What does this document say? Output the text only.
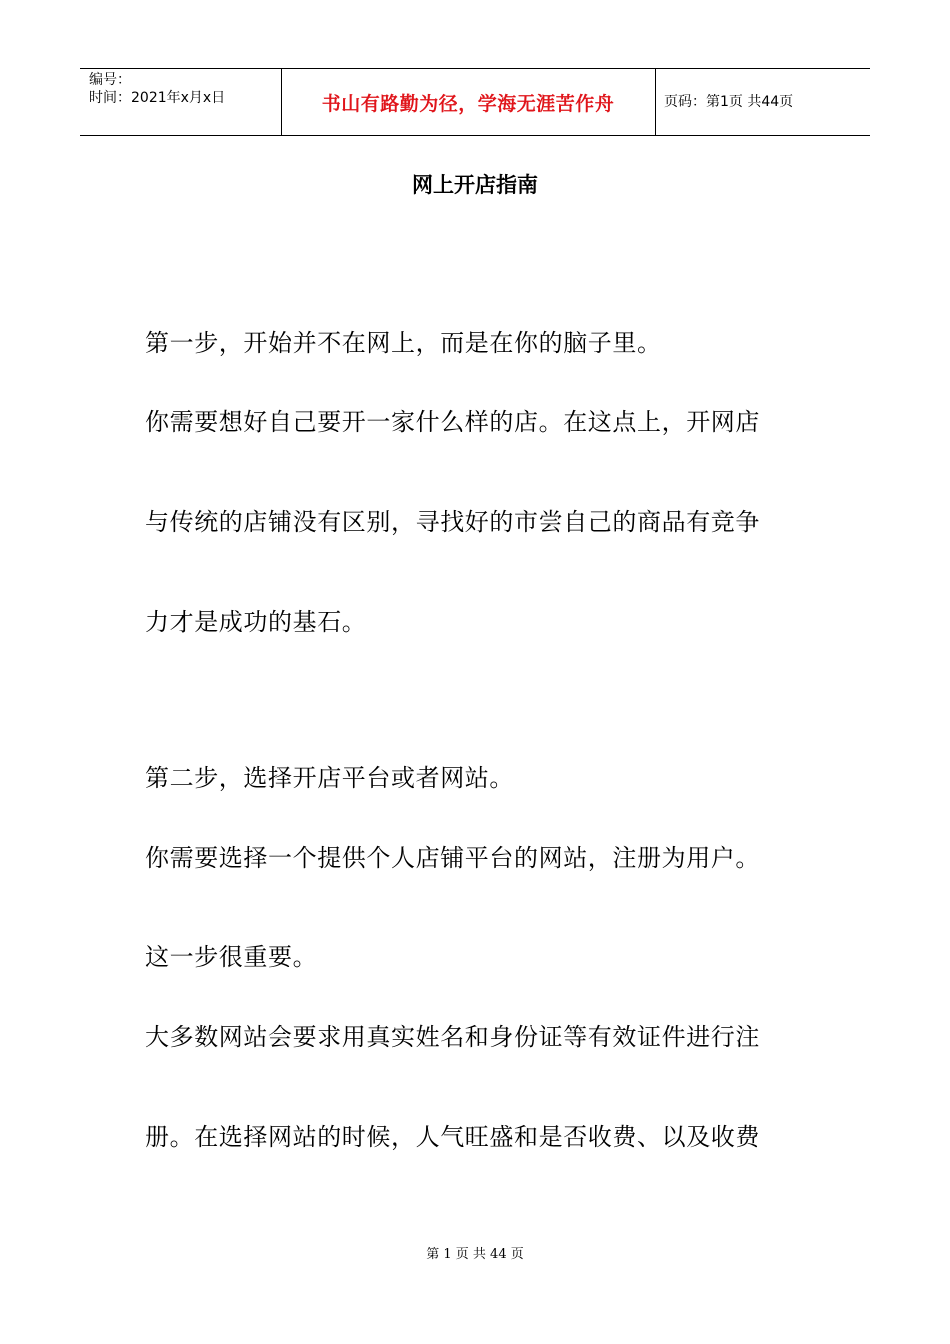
编号：
时间：2021年x月x日	书山有路勤为径，学海无涯苦作舟	页码：第1页 共44页
网上开店指南
第一步，开始并不在网上，而是在你的脑子里。
你需要想好自己要开一家什么样的店。在这点上，开网店
与传统的店铺没有区别，寻找好的市尝自己的商品有竞争
力才是成功的基石。
第二步，选择开店平台或者网站。
你需要选择一个提供个人店铺平台的网站，注册为用户。
这一步很重要。
大多数网站会要求用真实姓名和身份证等有效证件进行注
册。在选择网站的时候，人气旺盛和是否收费、以及收费
第 1 页 共 44 页
